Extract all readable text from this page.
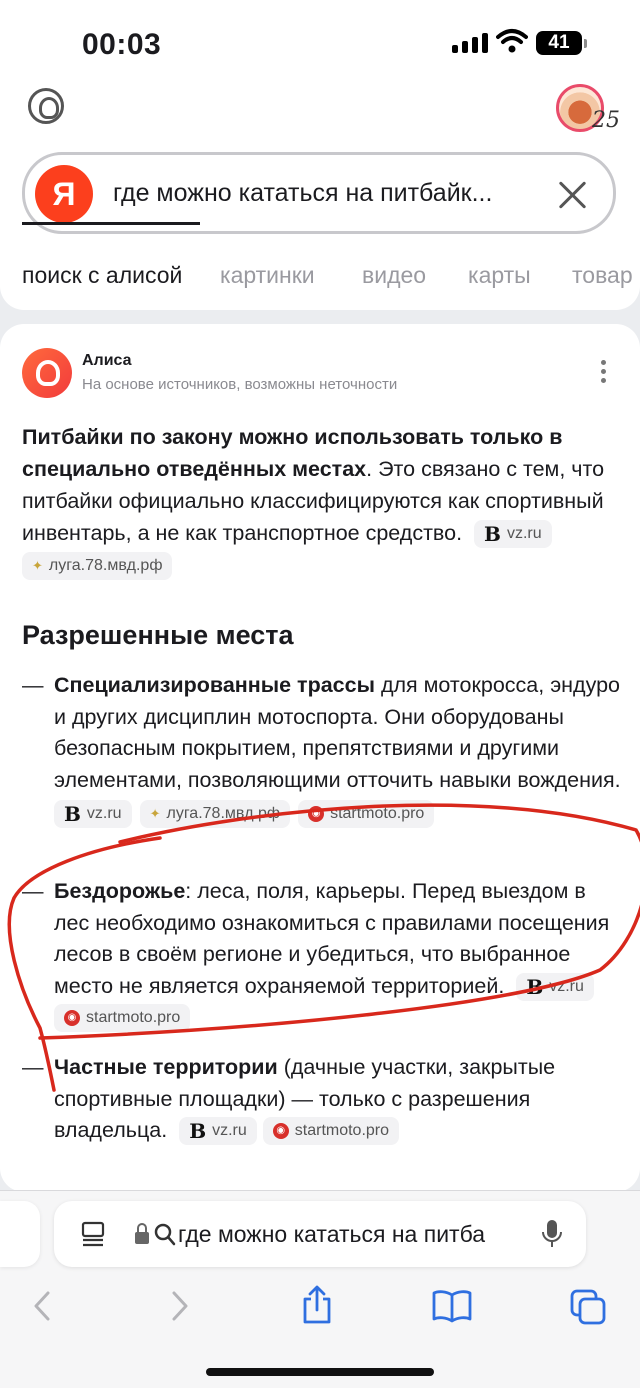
00:03	41
25
Я	где можно кататься на питбайк...
поиск с алисой картинки видео карты товар
Алиса
На основе источников, возможны неточности
Питбайки по закону можно использовать только в специально отведённых местах. Это связано с тем, что питбайки официально классифицируются как спортивный инвентарь, а не как транспортное средство. B vz.ru

✦ луга.78.мвд.рф
Разрешенные места
— Специализированные трассы для мотокросса, эндуро и других дисциплин мотоспорта. Они оборудованы безопасным покрытием, препятствиями и другими элементами, позволяющими отточить навыки вождения.
B vz.ru ✦ луга.78.мвд.рф	◉ startmoto.pro
— Бездорожье: леса, поля, карьеры. Перед выездом в лес необходимо ознакомиться с правилами посещения лесов в своём регионе и убедиться, что выбранное место не является охраняемой территорией. B vz.ru

◉ startmoto.pro
— Частные территории (дачные участки, закрытые спортивные площадки) — только с разрешения владельца. B vz.ru
	◉ startmoto.pro
где можно кататься на питба
